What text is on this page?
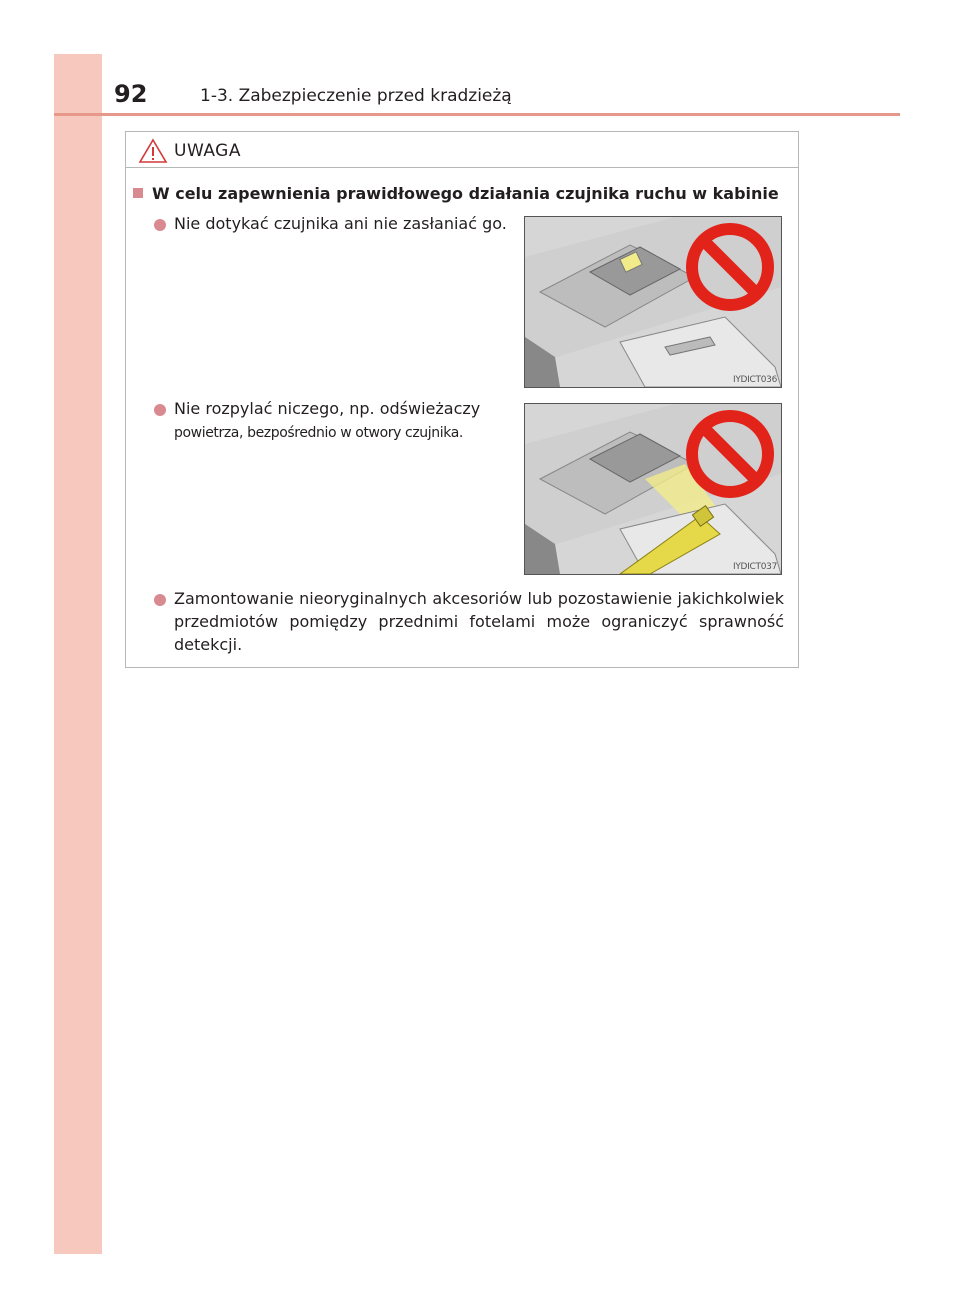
92	1-3. Zabezpieczenie przed kradzieżą
UWAGA
W celu zapewnienia prawidłowego działania czujnika ruchu w kabinie
Nie dotykać czujnika ani nie zasłaniać go.
IYDICT036
Nie rozpylać niczego, np. odświeżaczy
powietrza, bezpośrednio w otwory czujnika.
IYDICT037
Zamontowanie nieoryginalnych akcesoriów lub pozostawienie jakichkolwiek przedmiotów pomiędzy przednimi fotelami może ograniczyć sprawność detekcji.
